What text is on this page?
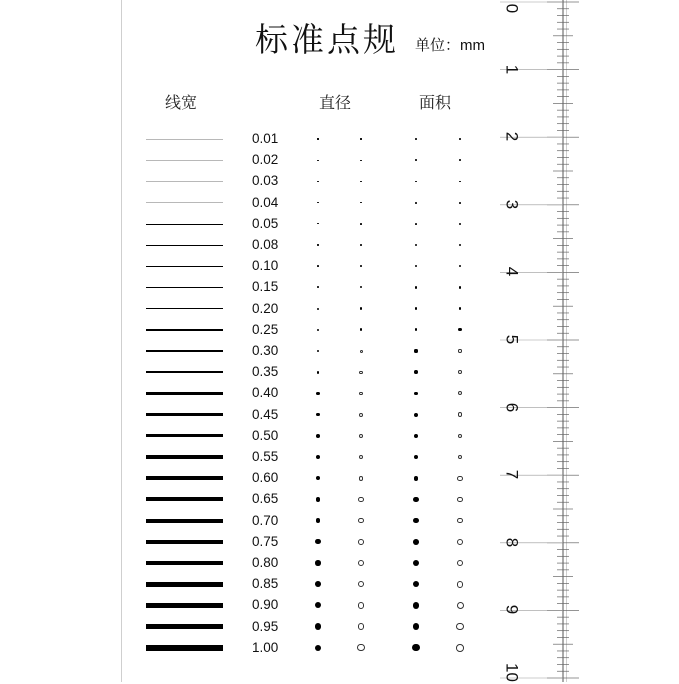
标准点规 单位：mm
线宽	直径	面积
0.01
0.02
0.03
0.04
0.05
0.08
0.10
0.15
0.20
0.25
0.30
0.35
0.40
0.45
0.50
0.55
0.60
0.65
0.70
0.75
0.80
0.85
0.90
0.95
1.00
0
1
2
3
4
5
6
7
8
9
10
